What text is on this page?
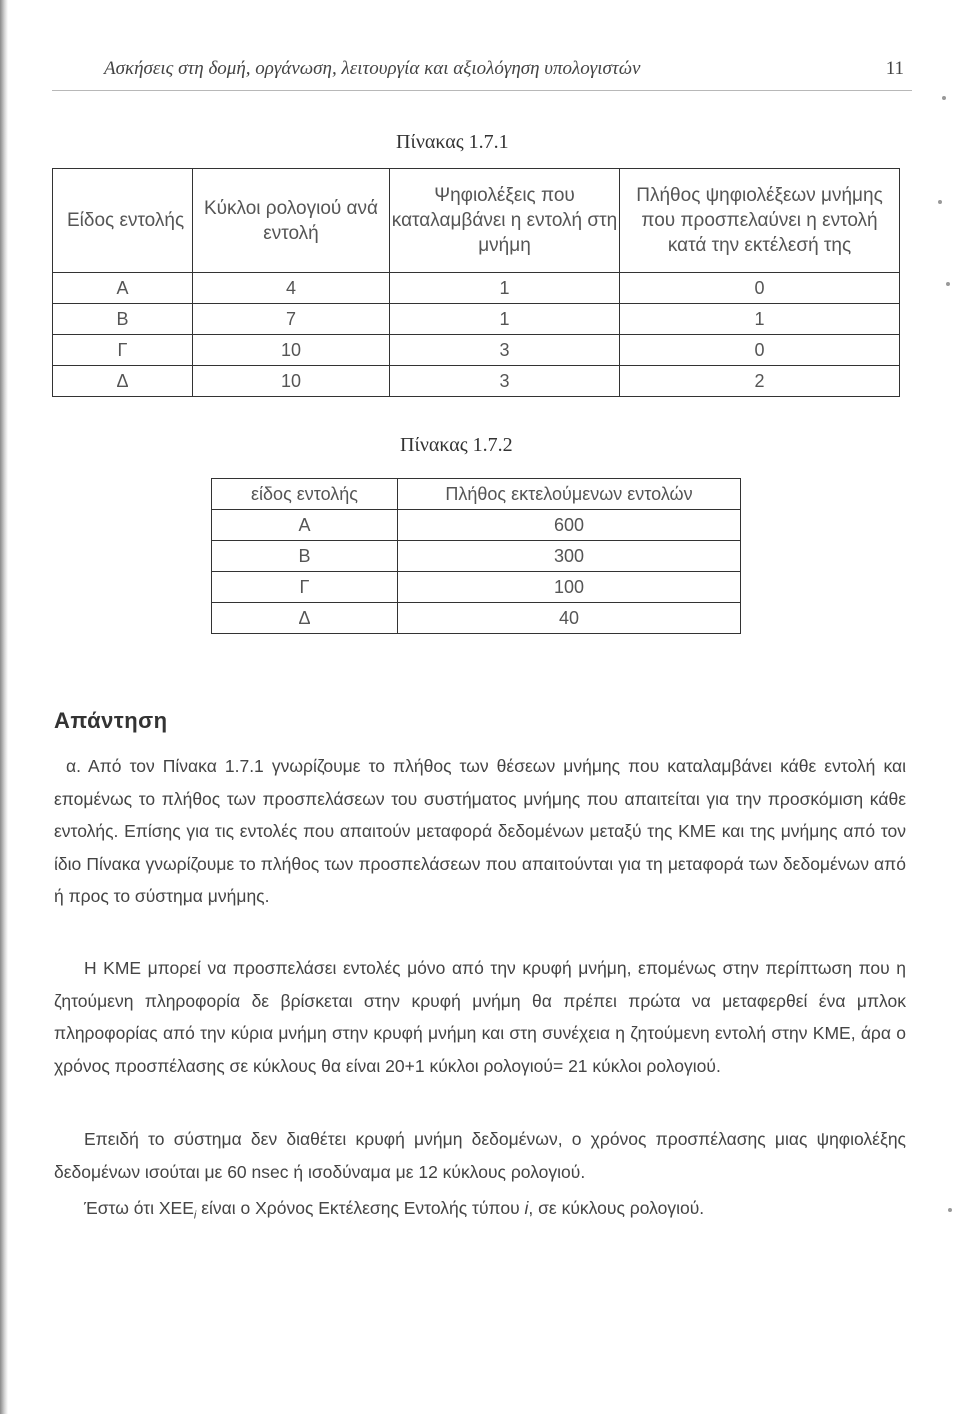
Ασκήσεις στη δομή, οργάνωση, λειτουργία και αξιολόγηση υπολογιστών	11
Πίνακας 1.7.1
Είδος εντολής	Κύκλοι ρολογιού ανά εντολή	Ψηφιολέξεις που καταλαμβάνει η εντολή στη μνήμη	Πλήθος ψηφιολέξεων μνήμης που προσπελαύνει η εντολή κατά την εκτέλεσή της
Α	4	1	0
Β	7	1	1
Γ	10	3	0
Δ	10	3	2
Πίνακας 1.7.2
είδος εντολής	Πλήθος εκτελούμενων εντολών
Α	600
Β	300
Γ	100
Δ	40
Απάντηση

α. Από τον Πίνακα 1.7.1 γνωρίζουμε το πλήθος των θέσεων μνήμης που καταλαμβάνει κάθε εντολή και επομένως το πλήθος των προσπελάσεων του συστήματος μνήμης που απαιτείται για την προσκόμιση κάθε εντολής. Επίσης για τις εντολές που απαιτούν μεταφορά δεδομένων μεταξύ της ΚΜΕ και της μνήμης από τον ίδιο Πίνακα γνωρίζουμε το πλήθος των προσπελάσεων που απαιτούνται για τη μεταφορά των δεδομένων από ή προς το σύστημα μνήμης.

Η ΚΜΕ μπορεί να προσπελάσει εντολές μόνο από την κρυφή μνήμη, επομένως στην περίπτωση που η ζητούμενη πληροφορία δε βρίσκεται στην κρυφή μνήμη θα πρέπει πρώτα να μεταφερθεί ένα μπλοκ πληροφορίας από την κύρια μνήμη στην κρυφή μνήμη και στη συνέχεια η ζητούμενη εντολή στην ΚΜΕ, άρα ο χρόνος προσπέλασης σε κύκλους θα είναι 20+1 κύκλοι ρολογιού= 21 κύκλοι ρολογιού.

Επειδή το σύστημα δεν διαθέτει κρυφή μνήμη δεδομένων, ο χρόνος προσπέλασης μιας ψηφιολέξης δεδομένων ισούται με 60 nsec ή ισοδύναμα με 12 κύκλους ρολογιού.

Έστω ότι $XEE_i$ είναι ο Χρόνος Εκτέλεσης Εντολής τύπου i, σε κύκλους ρολογιού.
